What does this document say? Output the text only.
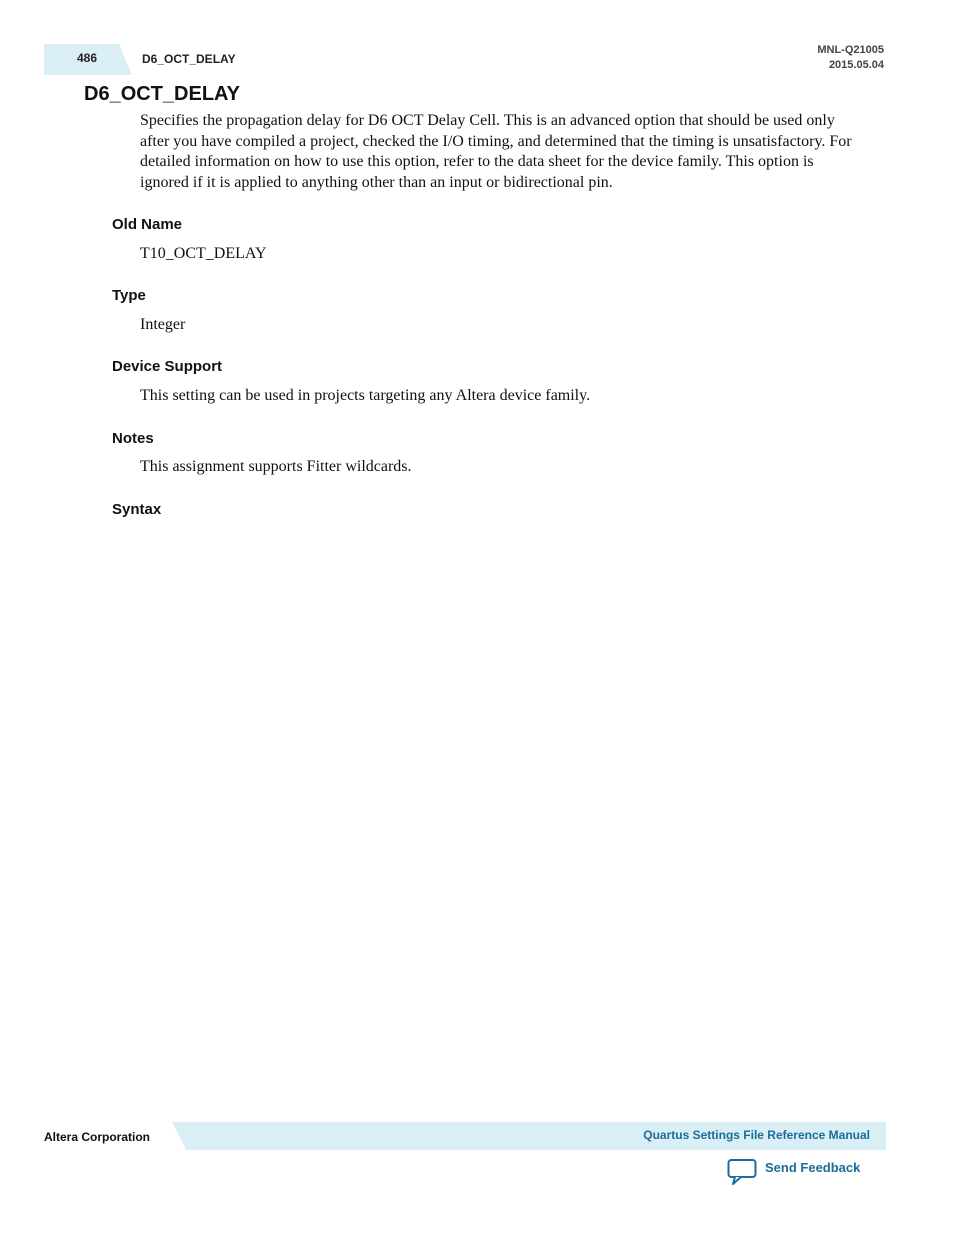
486	D6_OCT_DELAY
MNL-Q21005
2015.05.04
D6_OCT_DELAY
Specifies the propagation delay for D6 OCT Delay Cell. This is an advanced option that should be used only after you have compiled a project, checked the I/O timing, and determined that the timing is unsatisfactory. For detailed information on how to use this option, refer to the data sheet for the device family. This option is ignored if it is applied to anything other than an input or bidirectional pin.
Old Name
T10_OCT_DELAY
Type
Integer
Device Support
This setting can be used in projects targeting any Altera device family.
Notes
This assignment supports Fitter wildcards.
Syntax
Altera Corporation	Quartus Settings File Reference Manual
Send Feedback
